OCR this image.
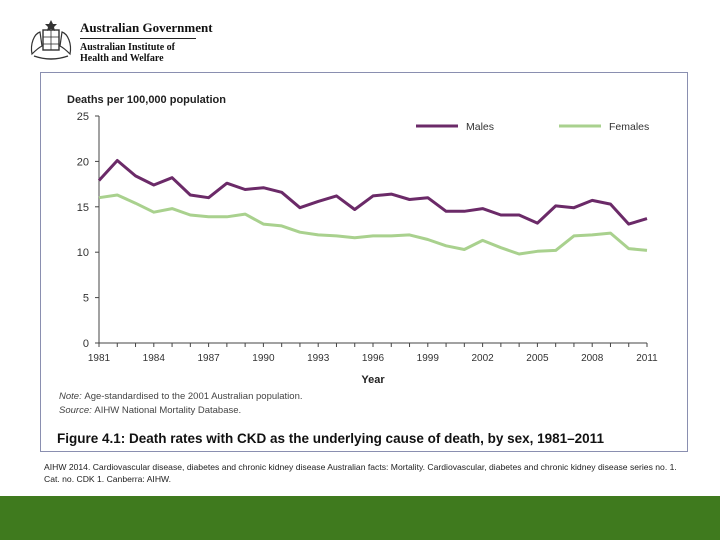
Australian Government
Australian Institute of Health and Welfare
0
5
10
15
20
25
1981	1984	1987	1990	1993	1996	1999	2002	2005	2008	2011
Deaths per 100,000 population
Year
Males	Females
Note: Age-standardised to the 2001 Australian population.
Source: AIHW National Mortality Database.
Figure 4.1: Death rates with CKD as the underlying cause of death, by sex, 1981–2011
AIHW 2014. Cardiovascular disease, diabetes and chronic kidney disease Australian facts: Mortality. Cardiovascular, diabetes and chronic kidney disease series no. 1. Cat. no. CDK 1. Canberra: AIHW.
